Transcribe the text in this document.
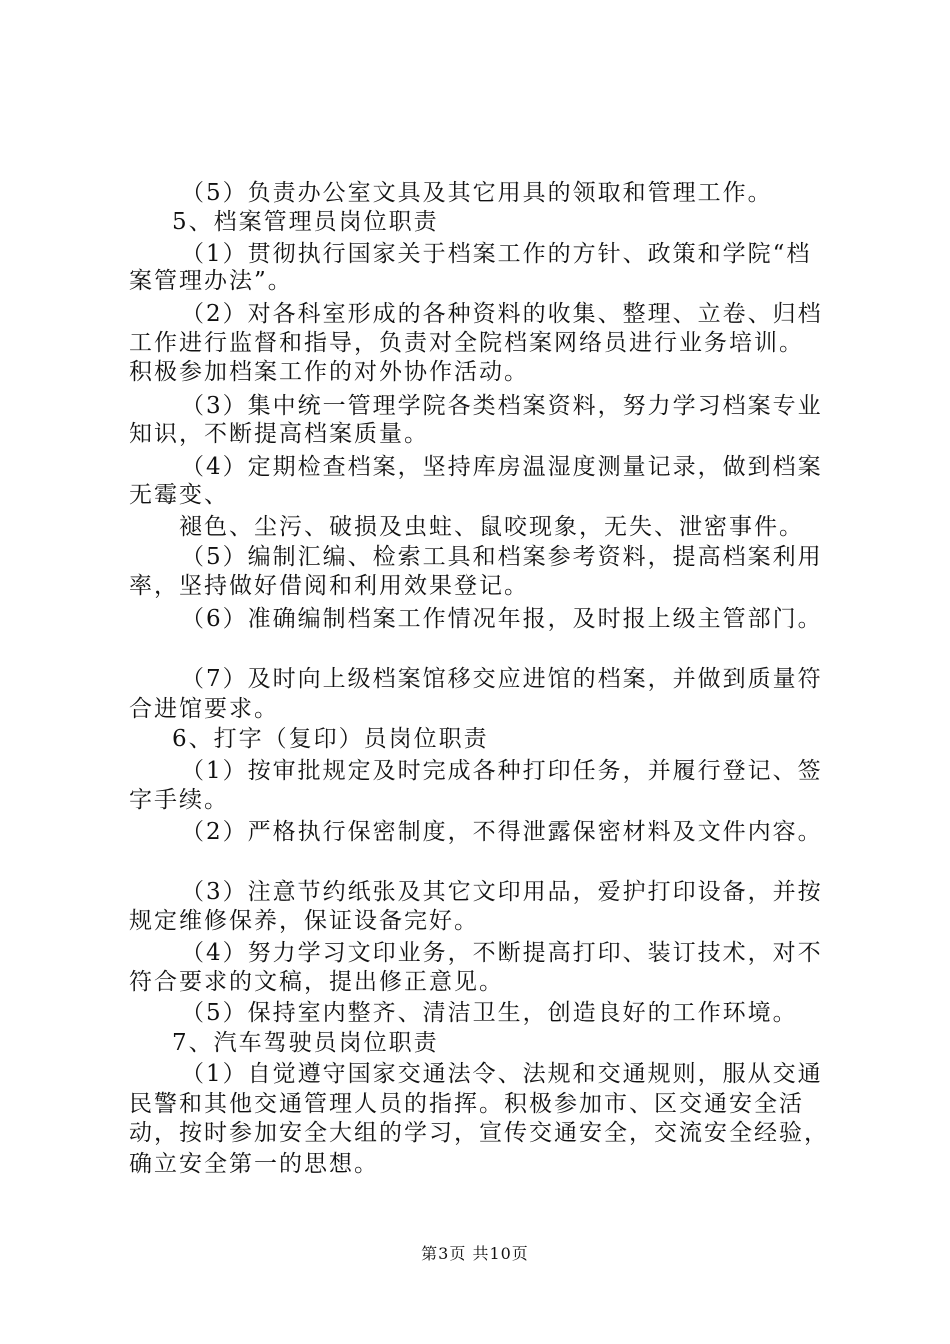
（5）负责办公室文具及其它用具的领取和管理工作。
5、档案管理员岗位职责
（1）贯彻执行国家关于档案工作的方针、政策和学院“档
案管理办法”。
（2）对各科室形成的各种资料的收集、整理、立卷、归档
工作进行监督和指导，负责对全院档案网络员进行业务培训。
积极参加档案工作的对外协作活动。
（3）集中统一管理学院各类档案资料，努力学习档案专业
知识，不断提高档案质量。
（4）定期检查档案，坚持库房温湿度测量记录，做到档案
无霉变、
褪色、尘污、破损及虫蛀、鼠咬现象，无失、泄密事件。
（5）编制汇编、检索工具和档案参考资料，提高档案利用
率，坚持做好借阅和利用效果登记。
（6）准确编制档案工作情况年报，及时报上级主管部门。
（7）及时向上级档案馆移交应进馆的档案，并做到质量符
合进馆要求。
6、打字（复印）员岗位职责
（1）按审批规定及时完成各种打印任务，并履行登记、签
字手续。
（2）严格执行保密制度，不得泄露保密材料及文件内容。
（3）注意节约纸张及其它文印用品，爱护打印设备，并按
规定维修保养，保证设备完好。
（4）努力学习文印业务，不断提高打印、装订技术，对不
符合要求的文稿，提出修正意见。
（5）保持室内整齐、清洁卫生，创造良好的工作环境。
7、汽车驾驶员岗位职责
（1）自觉遵守国家交通法令、法规和交通规则，服从交通
民警和其他交通管理人员的指挥。积极参加市、区交通安全活
动，按时参加安全大组的学习，宣传交通安全，交流安全经验，
确立安全第一的思想。
第3页 共10页
